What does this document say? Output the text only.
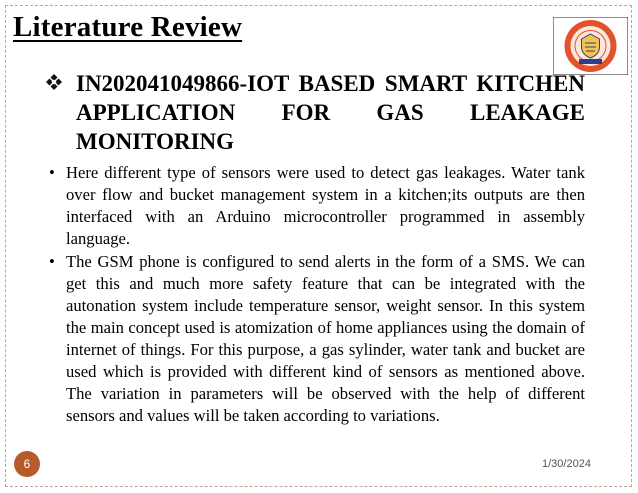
Literature Review
IN202041049866-IOT BASED SMART KITCHEN APPLICATION FOR GAS LEAKAGE MONITORING
• Here different type of sensors were used to detect gas leakages. Water tank over flow and bucket management system in a kitchen;its outputs are then interfaced with an Arduino microcontroller programmed in assembly language.
• The GSM phone is configured to send alerts in the form of a SMS. We can get this and much more safety feature that can be integrated with the autonation system include temperature sensor, weight sensor. In this system the main concept used is atomization of home appliances using the domain of internet of things. For this purpose, a gas sylinder, water tank and bucket are used which is provided with different kind of sensors as mentioned above. The variation in parameters will be observed with the help of different sensors and values will be taken according to variations.
6	1/30/2024
